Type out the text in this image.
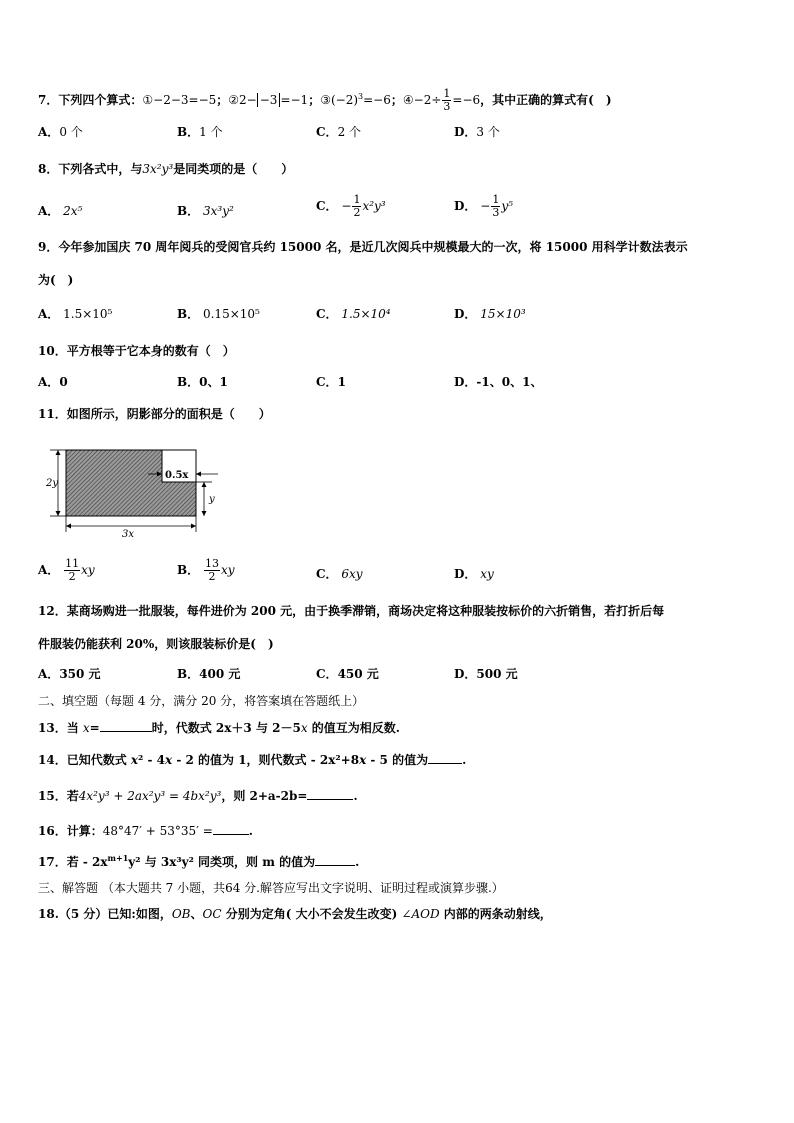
7．下列四个算式：①−2−3=−5；②2− −3 =−1；$③(-2)^3=-6$；④−2÷ $\frac{1}{3} =-6$，其中正确的算式有(　)
A．0 个	B．1 个	C．2 个	D．3 个
8．下列各式中，与3x²y³是同类项的是（　　）
A． 2x⁵	B． 3x³y²	C． − $\frac{1}{2} x^2y^3$	D． − $\frac{1}{3} y^5$
9．今年参加国庆 70 周年阅兵的受阅官兵约 15000 名，是近几次阅兵中规模最大的一次，将 15000 用科学计数法表示
为(　)
A． 1.5×10⁵	B． 0.15×10⁵	C． 1.5×10⁴	D． 15×10³
10．平方根等于它本身的数有（　）
A．0	B．0、1	C．1	D．-1、0、1、
11．如图所示，阴影部分的面积是（　　）
2y
3x
0.5x
y
A． $\frac{11}{2}$ xy	B． $\frac{13}{2}$ xy	C． 6xy	D． xy
12．某商场购进一批服装，每件进价为 200 元，由于换季滞销，商场决定将这种服装按标价的六折销售，若打折后每
件服装仍能获利 20%，则该服装标价是(　)
A．350 元	B．400 元	C．450 元	D．500 元
二、填空题（每题 4 分，满分 20 分，将答案填在答题纸上）
13．当 x=	时，代数式 2x＋3 与 2－5x 的值互为相反数.
14．已知代数式 x² - 4x - 2 的值为 1，则代数式 - 2x²+8x - 5 的值为	.
15．若4x²y³ + 2ax²y³ = 4bx²y³，则 2+a-2b=	.
16．计算：48°47′ + 53°35′ =	.
17．若 - $2x^{m+1}y^2$ 与 3x³y² 同类项，则 m 的值为	.
三、解答题 （本大题共 7 小题，共64 分.解答应写出文字说明、证明过程或演算步骤.）
18.（5 分）已知:如图，OB、OC 分别为定角( 大小不会发生改变) ∠AOD 内部的两条动射线，
